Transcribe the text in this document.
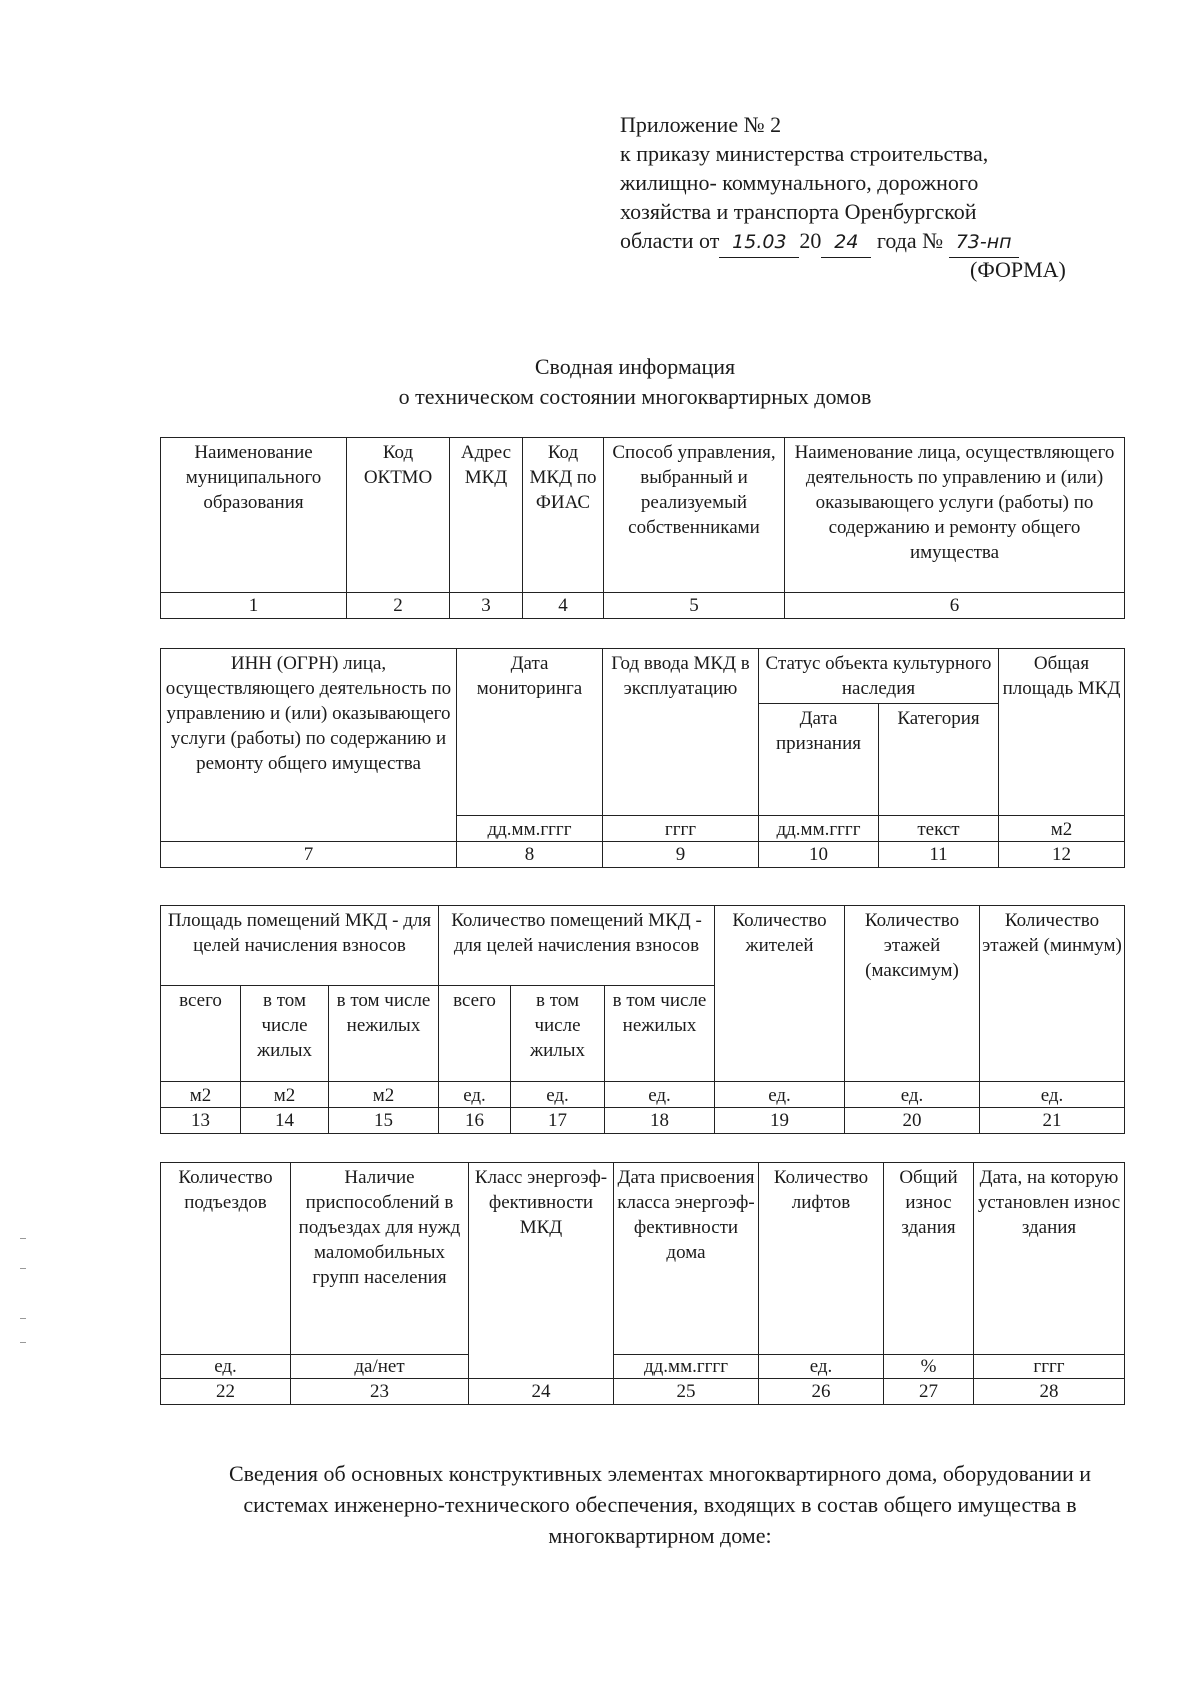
Приложение № 2
к приказу министерства строительства,
жилищно- коммунального, дорожного
хозяйства и транспорта Оренбургской
области от 15.03 20 24 года № 73-нп
(ФОРМА)
Сводная информация
о техническом состоянии многоквартирных домов
Наименование муниципального образования	Код ОКТМО	Адрес МКД	Код МКД по ФИАС	Способ управления, выбранный и реализуемый собственниками	Наименование лица, осуществляющего деятельность по управлению и (или) оказывающего услуги (работы) по содержанию и ремонту общего имущества
1	2	3	4	5	6
ИНН (ОГРН) лица, осуществляющего деятельность по управлению и (или) оказывающего услуги (работы) по содержанию и ремонту общего имущества	Дата мониторинга	Год ввода МКД в эксплуатацию	Статус объекта культурного наследия		Общая площадь МКД
			Дата признания	Категория	
	дд.мм.гггг	гггг	дд.мм.гггг	текст	м2
7	8	9	10	11	12
Площадь помещений МКД - для целей начисления взносов			Количество помещений МКД - для целей начисления взносов			Количество жителей	Количество этажей (максимум)	Количество этажей (минмум)
всего	в том числе жилых	в том числе нежилых	всего	в том числе жилых	в том числе нежилых			
м2	м2	м2	ед.	ед.	ед.	ед.	ед.	ед.
13	14	15	16	17	18	19	20	21
Количество подъездов	Наличие приспособлений в подъездах для нужд маломобильных групп населения	Класс энергоэф-фективности МКД	Дата присвоения класса энергоэф-фективности дома	Количество лифтов	Общий износ здания	Дата, на которую установлен износ здания
ед.	да/нет		дд.мм.гггг	ед.	%	гггг
22	23	24	25	26	27	28
Сведения об основных конструктивных элементах многоквартирного дома, оборудовании и системах инженерно-технического обеспечения, входящих в состав общего имущества в многоквартирном доме:
